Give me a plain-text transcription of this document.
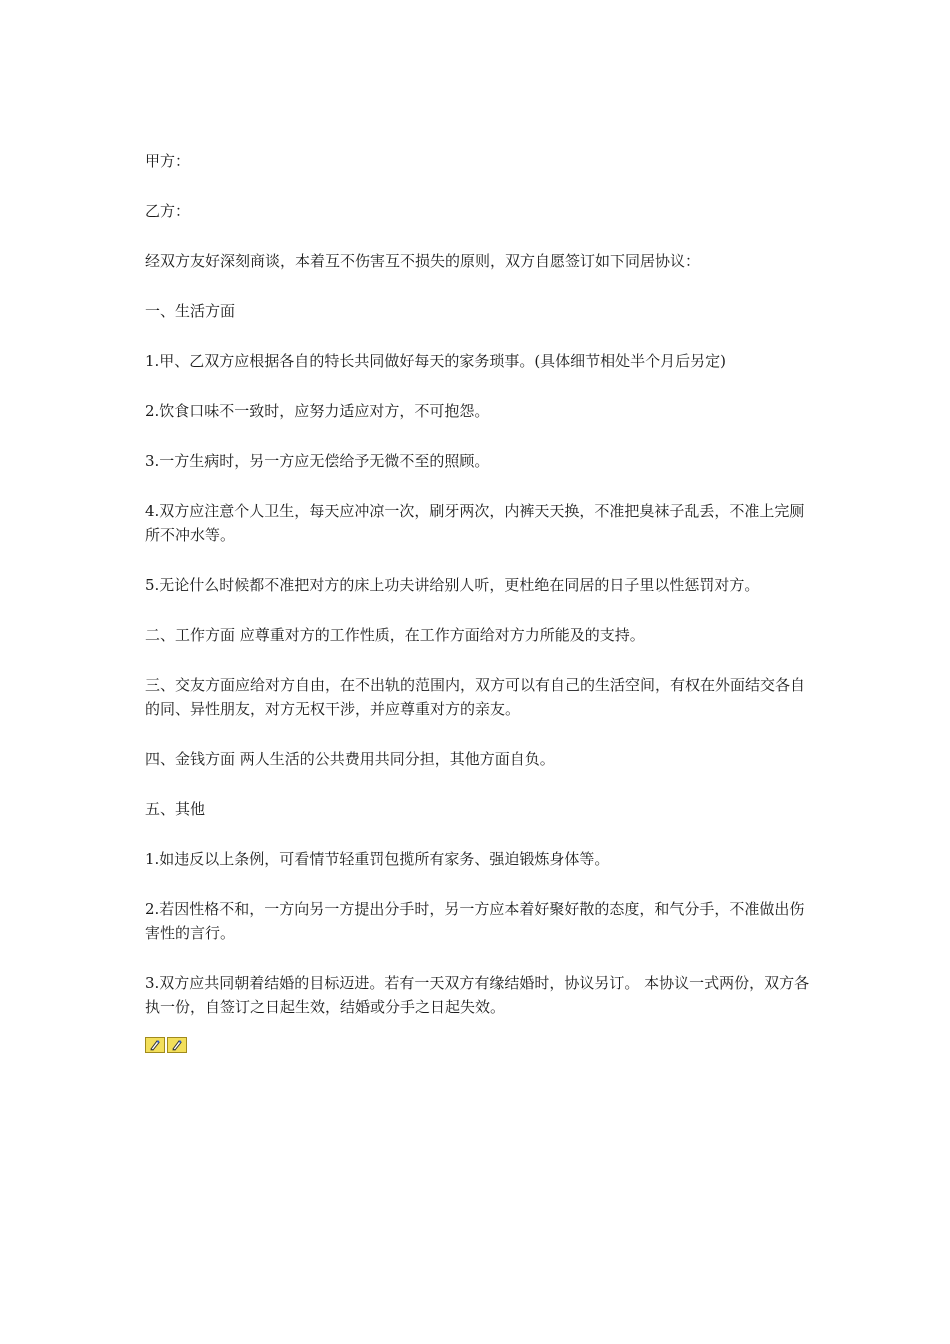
甲方：

乙方：

经双方友好深刻商谈，本着互不伤害互不损失的原则，双方自愿签订如下同居协议：

一、生活方面

1.甲、乙双方应根据各自的特长共同做好每天的家务琐事。(具体细节相处半个月后另定)

2.饮食口味不一致时，应努力适应对方，不可抱怨。

3.一方生病时，另一方应无偿给予无微不至的照顾。

4.双方应注意个人卫生，每天应冲凉一次，刷牙两次，内裤天天换，不准把臭袜子乱丢，不准上完厕所不冲水等。

5.无论什么时候都不准把对方的床上功夫讲给别人听，更杜绝在同居的日子里以性惩罚对方。

二、工作方面 应尊重对方的工作性质，在工作方面给对方力所能及的支持。

三、交友方面应给对方自由，在不出轨的范围内，双方可以有自己的生活空间，有权在外面结交各自的同、异性朋友，对方无权干涉，并应尊重对方的亲友。

四、金钱方面 两人生活的公共费用共同分担，其他方面自负。

五、其他

1.如违反以上条例，可看情节轻重罚包揽所有家务、强迫锻炼身体等。

2.若因性格不和，一方向另一方提出分手时，另一方应本着好聚好散的态度，和气分手，不准做出伤害性的言行。

3.双方应共同朝着结婚的目标迈进。若有一天双方有缘结婚时，协议另订。 本协议一式两份，双方各执一份，自签订之日起生效，结婚或分手之日起失效。
